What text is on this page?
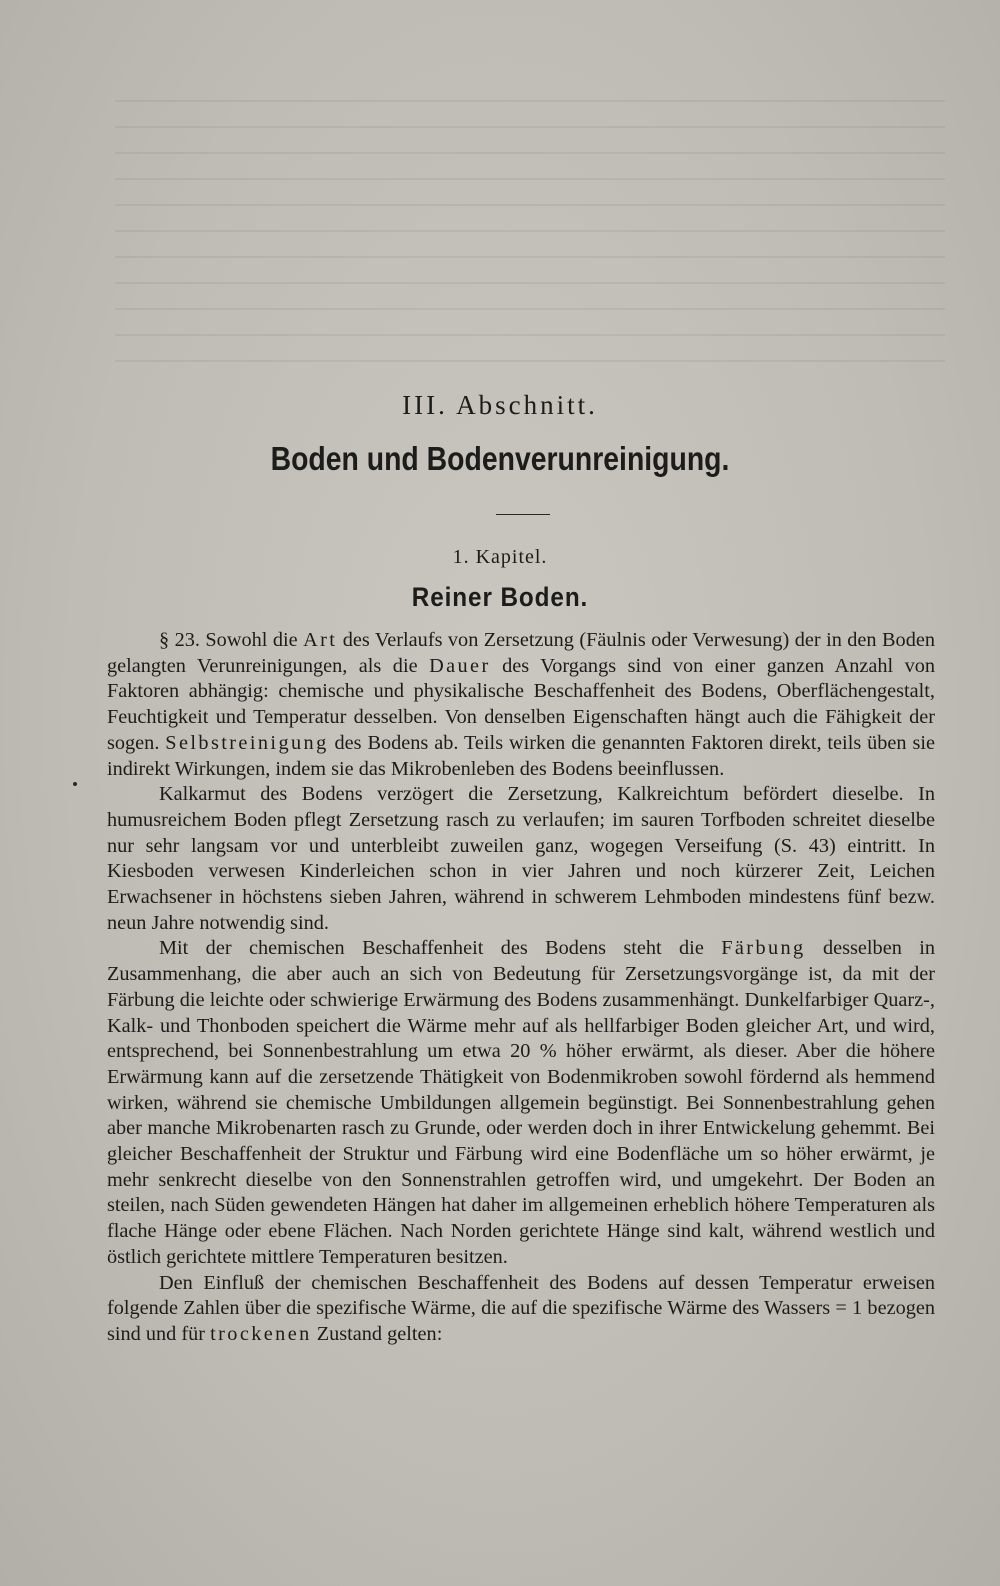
III. Abschnitt.
Boden und Bodenverunreinigung.
1. Kapitel.
Reiner Boden.

§ 23. Sowohl die Art des Verlaufs von Zersetzung (Fäulnis oder Verwesung) der in den Boden gelangten Verunreinigungen, als die Dauer des Vorgangs sind von einer ganzen Anzahl von Faktoren abhängig: chemische und physikalische Beschaffenheit des Bodens, Oberflächengestalt, Feuchtigkeit und Temperatur desselben. Von denselben Eigenschaften hängt auch die Fähigkeit der sogen. Selbstreinigung des Bodens ab. Teils wirken die genannten Faktoren direkt, teils üben sie indirekt Wirkungen, indem sie das Mikrobenleben des Bodens beeinflussen.

Kalkarmut des Bodens verzögert die Zersetzung, Kalkreichtum befördert dieselbe. In humusreichem Boden pflegt Zersetzung rasch zu verlaufen; im sauren Torfboden schreitet dieselbe nur sehr langsam vor und unterbleibt zuweilen ganz, wogegen Verseifung (S. 43) eintritt. In Kiesboden verwesen Kinderleichen schon in vier Jahren und noch kürzerer Zeit, Leichen Erwachsener in höchstens sieben Jahren, während in schwerem Lehmboden mindestens fünf bezw. neun Jahre notwendig sind.

Mit der chemischen Beschaffenheit des Bodens steht die Färbung desselben in Zusammenhang, die aber auch an sich von Bedeutung für Zersetzungsvorgänge ist, da mit der Färbung die leichte oder schwierige Erwärmung des Bodens zusammenhängt. Dunkelfarbiger Quarz-, Kalk- und Thonboden speichert die Wärme mehr auf als hellfarbiger Boden gleicher Art, und wird, entsprechend, bei Sonnenbestrahlung um etwa 20 % höher erwärmt, als dieser. Aber die höhere Erwärmung kann auf die zersetzende Thätigkeit von Bodenmikroben sowohl fördernd als hemmend wirken, während sie chemische Umbildungen allgemein begünstigt. Bei Sonnenbestrahlung gehen aber manche Mikrobenarten rasch zu Grunde, oder werden doch in ihrer Entwickelung gehemmt. Bei gleicher Beschaffenheit der Struktur und Färbung wird eine Bodenfläche um so höher erwärmt, je mehr senkrecht dieselbe von den Sonnenstrahlen getroffen wird, und umgekehrt. Der Boden an steilen, nach Süden gewendeten Hängen hat daher im allgemeinen erheblich höhere Temperaturen als flache Hänge oder ebene Flächen. Nach Norden gerichtete Hänge sind kalt, während westlich und östlich gerichtete mittlere Temperaturen besitzen.

Den Einfluß der chemischen Beschaffenheit des Bodens auf dessen Temperatur erweisen folgende Zahlen über die spezifische Wärme, die auf die spezifische Wärme des Wassers = 1 bezogen sind und für trockenen Zustand gelten:
